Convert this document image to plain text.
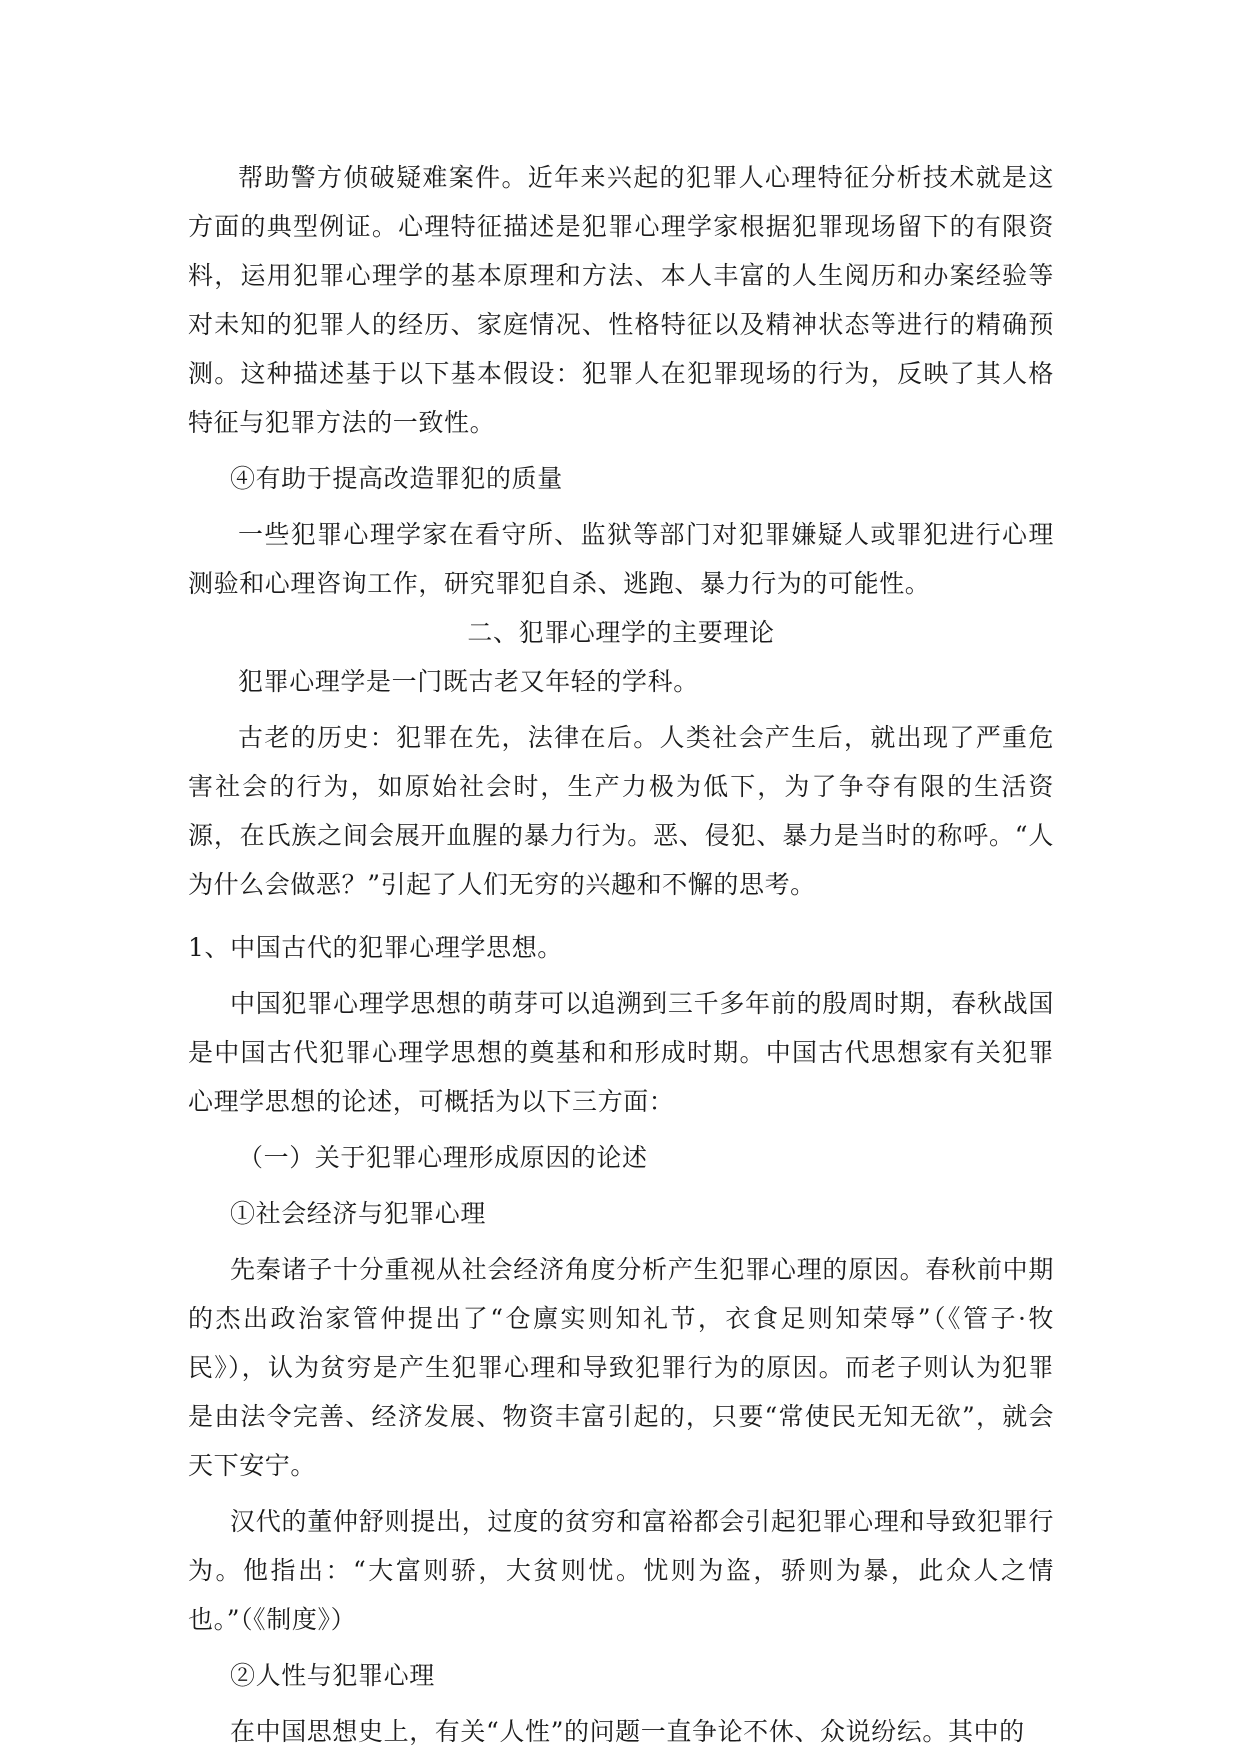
帮助警方侦破疑难案件。近年来兴起的犯罪人心理特征分析技术就是这方面的典型例证。心理特征描述是犯罪心理学家根据犯罪现场留下的有限资料，运用犯罪心理学的基本原理和方法、本人丰富的人生阅历和办案经验等对未知的犯罪人的经历、家庭情况、性格特征以及精神状态等进行的精确预测。这种描述基于以下基本假设：犯罪人在犯罪现场的行为，反映了其人格特征与犯罪方法的一致性。

④有助于提高改造罪犯的质量

一些犯罪心理学家在看守所、监狱等部门对犯罪嫌疑人或罪犯进行心理测验和心理咨询工作，研究罪犯自杀、逃跑、暴力行为的可能性。

二、犯罪心理学的主要理论

犯罪心理学是一门既古老又年轻的学科。

古老的历史：犯罪在先，法律在后。人类社会产生后，就出现了严重危害社会的行为，如原始社会时，生产力极为低下，为了争夺有限的生活资源，在氏族之间会展开血腥的暴力行为。恶、侵犯、暴力是当时的称呼。“人为什么会做恶？”引起了人们无穷的兴趣和不懈的思考。

1、中国古代的犯罪心理学思想。

中国犯罪心理学思想的萌芽可以追溯到三千多年前的殷周时期，春秋战国是中国古代犯罪心理学思想的奠基和和形成时期。中国古代思想家有关犯罪心理学思想的论述，可概括为以下三方面：

（一）关于犯罪心理形成原因的论述

①社会经济与犯罪心理

先秦诸子十分重视从社会经济角度分析产生犯罪心理的原因。春秋前中期的杰出政治家管仲提出了“仓廪实则知礼节，衣食足则知荣辱”（《管子·牧民》），认为贫穷是产生犯罪心理和导致犯罪行为的原因。而老子则认为犯罪是由法令完善、经济发展、物资丰富引起的，只要“常使民无知无欲”，就会天下安宁。

汉代的董仲舒则提出，过度的贫穷和富裕都会引起犯罪心理和导致犯罪行为。他指出：“大富则骄，大贫则忧。忧则为盗，骄则为暴，此众人之情也。”（《制度》）

②人性与犯罪心理

在中国思想史上，有关“人性”的问题一直争论不休、众说纷纭。其中的
